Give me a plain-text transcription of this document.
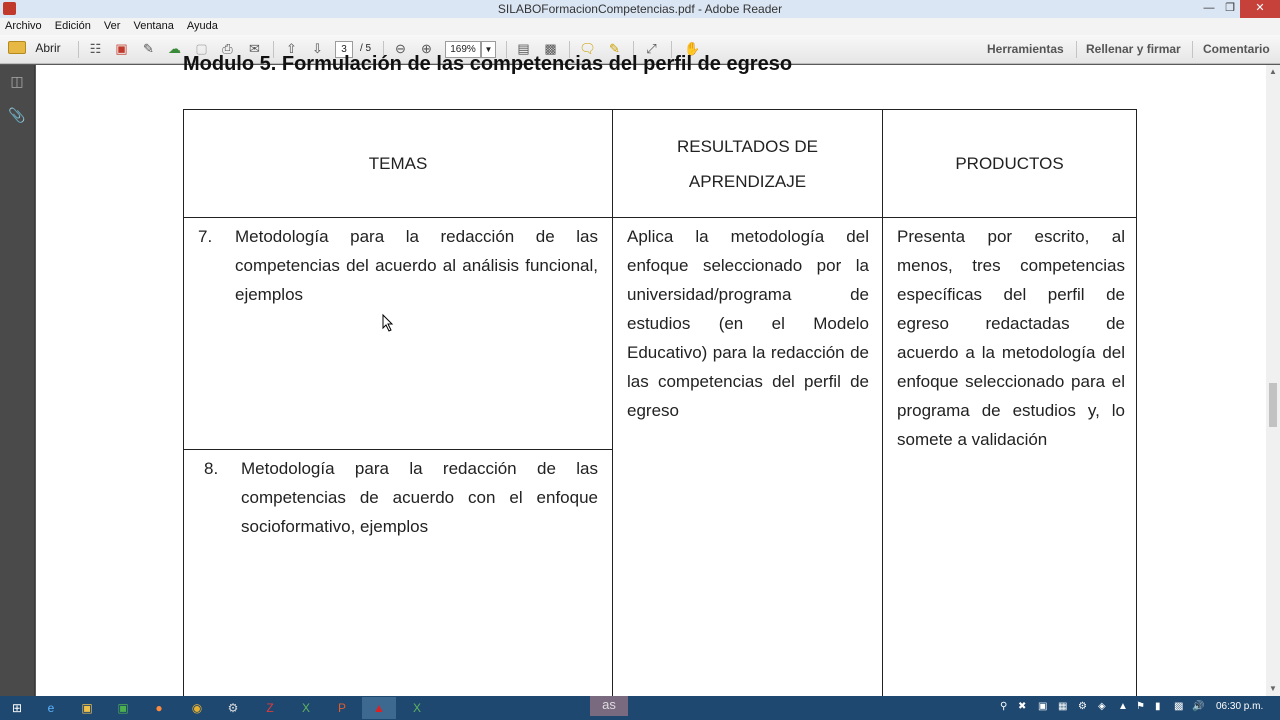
SILABOFormacionCompetencias.pdf - Adobe Reader	— ❐	✕
Archivo Edición Ver Ventana Ayuda
Abrir ☷ ▣	✎	☁ ▢	⎙	✉	⇧	⇩	3	/ 5	⊖	⊕	169%	▼ ▤ ▩ 🗨	✎	⤢	✋	Herramientas Rellenar y firmar Comentario
◫
📎
Modulo 5. Formulación de las competencias del perfil de egreso
TEMAS	RESULTADOS DE APRENDIZAJE	PRODUCTOS

7. Metodología para la redacción de las competencias del acuerdo al análisis funcional, ejemplos	Aplica la metodología del enfoque seleccionado por la universidad/programa de estudios (en el Modelo Educativo) para la redacción de las competencias del perfil de egreso	Presenta por escrito, al menos, tres competencias específicas del perfil de egreso redactadas de acuerdo a la metodología del enfoque seleccionado para el programa de estudios y, lo somete a validación

8. Metodología para la redacción de las competencias de acuerdo con el enfoque socioformativo, ejemplos		
▲
▼
⊞	e	▣	▣	●	◉	⚙	Z	X	P	▲	X	as	⚲ ✖ ▣ ▦ ⚙ ◈ ▲ ⚑ ▮ ▩ 🔊 06:30 p.m.
